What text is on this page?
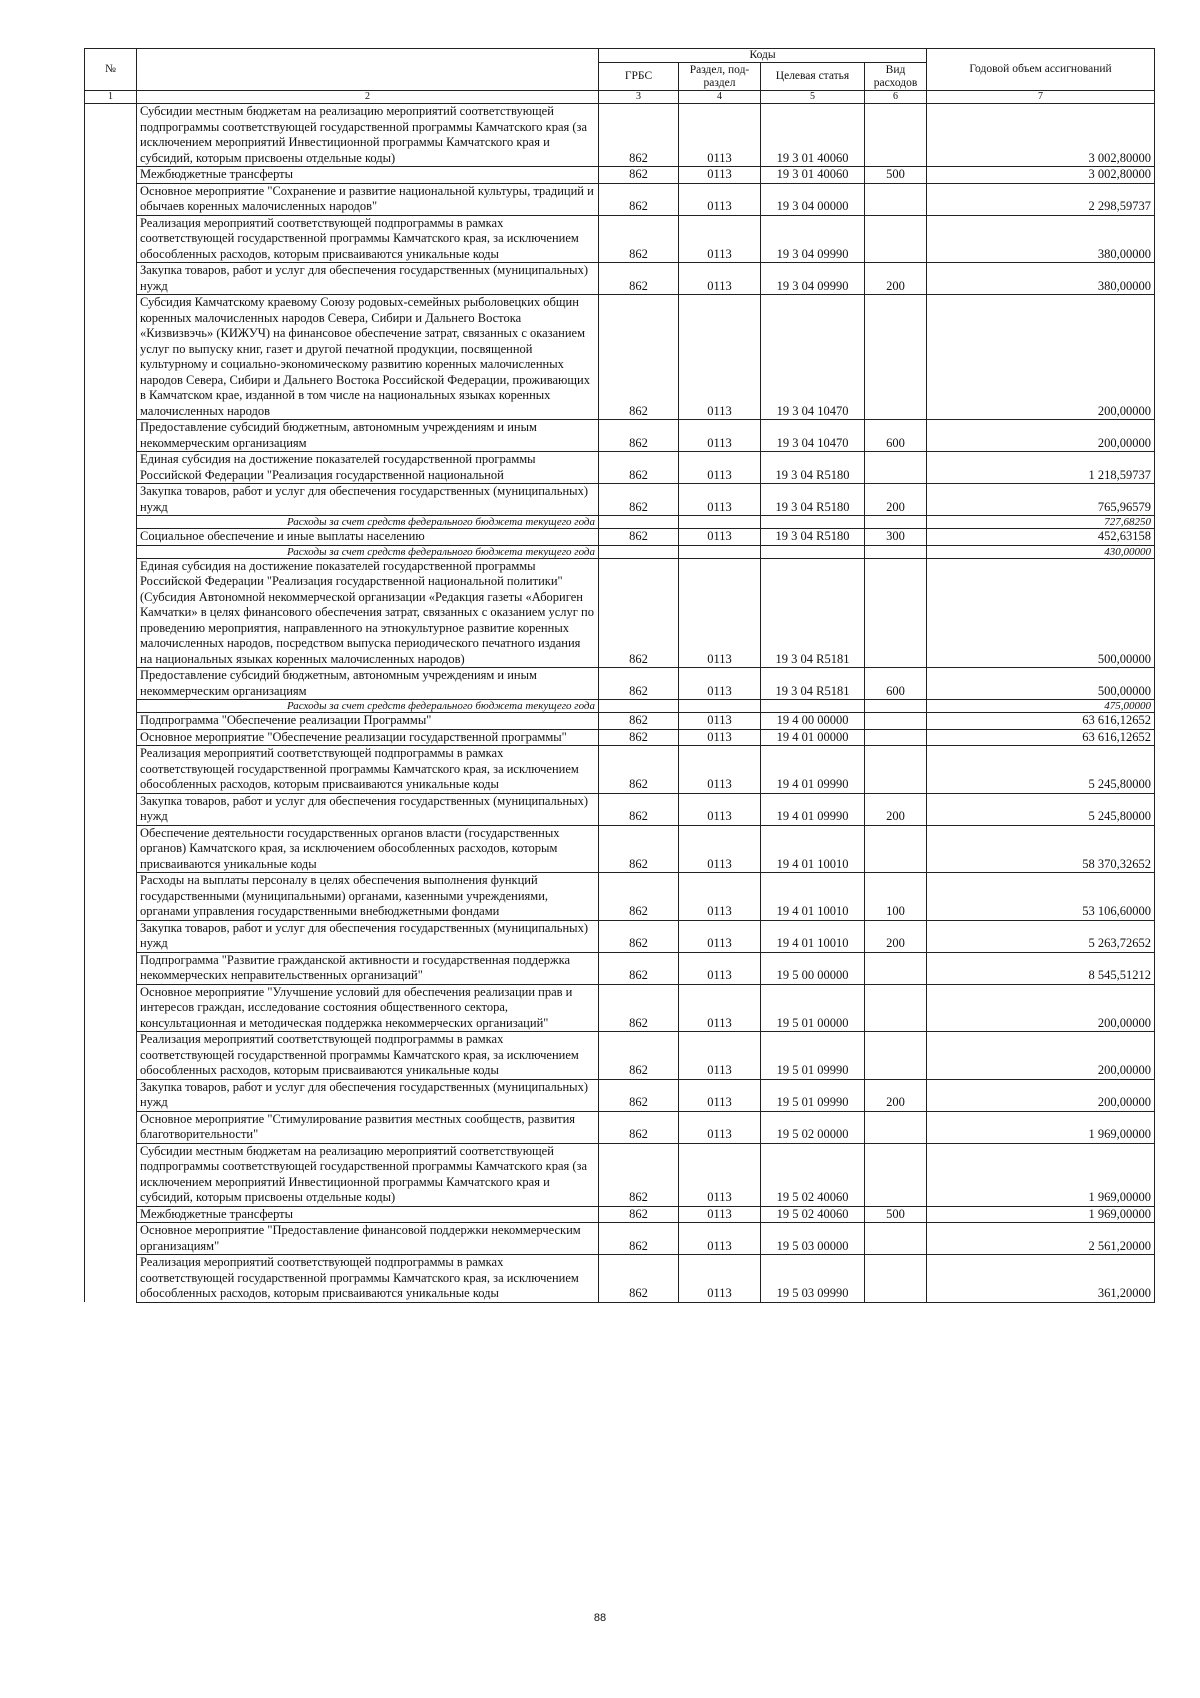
№		Коды				Годовой объем ассигнований
		ГРБС	Раздел, под-раздел	Целевая статья	Вид расходов	
1	2	3	4	5	6	7
	Субсидии местным бюджетам на реализацию мероприятий соответствующей подпрограммы соответствующей государственной программы Камчатского края (за исключением мероприятий Инвестиционной программы Камчатского края и субсидий, которым присвоены отдельные коды)	862	0113	19 3 01 40060		3 002,80000
	Межбюджетные трансферты	862	0113	19 3 01 40060	500	3 002,80000
	Основное мероприятие "Сохранение и развитие национальной культуры, традиций и обычаев коренных малочисленных народов"	862	0113	19 3 04 00000		2 298,59737
	Реализация мероприятий соответствующей подпрограммы в рамках соответствующей государственной программы Камчатского края, за исключением обособленных расходов, которым присваиваются уникальные коды	862	0113	19 3 04 09990		380,00000
	Закупка товаров, работ и услуг для обеспечения государственных (муниципальных) нужд	862	0113	19 3 04 09990	200	380,00000
	Субсидия Камчатскому краевому Союзу родовых-семейных рыболовецких общин коренных малочисленных народов Севера, Сибири и Дальнего Востока «Кизвизвэчь» (КИЖУЧ) на финансовое обеспечение затрат, связанных с оказанием услуг по выпуску книг, газет и другой печатной продукции, посвященной культурному и социально-экономическому развитию коренных малочисленных народов Севера, Сибири и Дальнего Востока Российской Федерации, проживающих в Камчатском крае, изданной в том числе на национальных языках коренных малочисленных народов	862	0113	19 3 04 10470		200,00000
	Предоставление субсидий бюджетным, автономным учреждениям и иным некоммерческим организациям	862	0113	19 3 04 10470	600	200,00000
	Единая субсидия на достижение показателей государственной программы Российской Федерации "Реализация государственной национальной	862	0113	19 3 04 R5180		1 218,59737
	Закупка товаров, работ и услуг для обеспечения государственных (муниципальных) нужд	862	0113	19 3 04 R5180	200	765,96579
	Расходы за счет средств федерального бюджета текущего года					727,68250
	Социальное обеспечение и иные выплаты населению	862	0113	19 3 04 R5180	300	452,63158
	Расходы за счет средств федерального бюджета текущего года					430,00000
	Единая субсидия на достижение показателей государственной программы Российской Федерации "Реализация государственной национальной политики" (Субсидия Автономной некоммерческой организации «Редакция газеты «Абориген Камчатки» в целях финансового обеспечения затрат, связанных с оказанием услуг по проведению мероприятия, направленного на этнокультурное развитие коренных малочисленных народов, посредством выпуска периодического печатного издания на национальных языках коренных малочисленных народов)	862	0113	19 3 04 R5181		500,00000
	Предоставление субсидий бюджетным, автономным учреждениям и иным некоммерческим организациям	862	0113	19 3 04 R5181	600	500,00000
	Расходы за счет средств федерального бюджета текущего года					475,00000
	Подпрограмма "Обеспечение реализации Программы"	862	0113	19 4 00 00000		63 616,12652
	Основное мероприятие "Обеспечение реализации государственной программы"	862	0113	19 4 01 00000		63 616,12652
	Реализация мероприятий соответствующей подпрограммы в рамках соответствующей государственной программы Камчатского края, за исключением обособленных расходов, которым присваиваются уникальные коды	862	0113	19 4 01 09990		5 245,80000
	Закупка товаров, работ и услуг для обеспечения государственных (муниципальных) нужд	862	0113	19 4 01 09990	200	5 245,80000
	Обеспечение деятельности государственных органов власти (государственных органов) Камчатского края, за исключением обособленных расходов, которым присваиваются уникальные коды	862	0113	19 4 01 10010		58 370,32652
	Расходы на выплаты персоналу в целях обеспечения выполнения функций государственными (муниципальными) органами, казенными учреждениями, органами управления государственными внебюджетными фондами	862	0113	19 4 01 10010	100	53 106,60000
	Закупка товаров, работ и услуг для обеспечения государственных (муниципальных) нужд	862	0113	19 4 01 10010	200	5 263,72652
	Подпрограмма "Развитие гражданской активности и государственная поддержка некоммерческих неправительственных организаций"	862	0113	19 5 00 00000		8 545,51212
	Основное мероприятие "Улучшение условий для обеспечения реализации прав и интересов граждан, исследование состояния общественного сектора, консультационная и методическая поддержка некоммерческих организаций"	862	0113	19 5 01 00000		200,00000
	Реализация мероприятий соответствующей подпрограммы в рамках соответствующей государственной программы Камчатского края, за исключением обособленных расходов, которым присваиваются уникальные коды	862	0113	19 5 01 09990		200,00000
	Закупка товаров, работ и услуг для обеспечения государственных (муниципальных) нужд	862	0113	19 5 01 09990	200	200,00000
	Основное мероприятие "Стимулирование развития местных сообществ, развития благотворительности"	862	0113	19 5 02 00000		1 969,00000
	Субсидии местным бюджетам на реализацию мероприятий соответствующей подпрограммы соответствующей государственной программы Камчатского края (за исключением мероприятий Инвестиционной программы Камчатского края и субсидий, которым присвоены отдельные коды)	862	0113	19 5 02 40060		1 969,00000
	Межбюджетные трансферты	862	0113	19 5 02 40060	500	1 969,00000
	Основное мероприятие "Предоставление финансовой поддержки некоммерческим организациям"	862	0113	19 5 03 00000		2 561,20000
	Реализация мероприятий соответствующей подпрограммы в рамках соответствующей государственной программы Камчатского края, за исключением обособленных расходов, которым присваиваются уникальные коды	862	0113	19 5 03 09990		361,20000
88
